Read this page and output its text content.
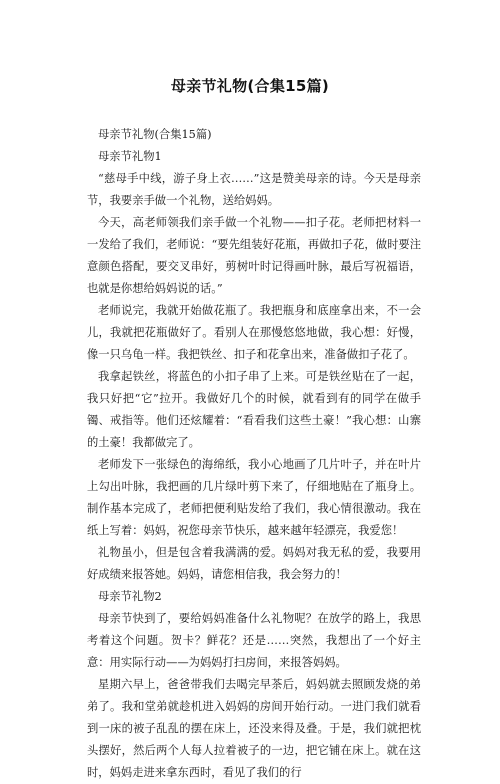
母亲节礼物(合集15篇)

母亲节礼物(合集15篇)

母亲节礼物1

“慈母手中线，游子身上衣……”这是赞美母亲的诗。今天是母亲节，我要亲手做一个礼物，送给妈妈。

今天，高老师领我们亲手做一个礼物——扣子花。老师把材料一一发给了我们，老师说：“要先组装好花瓶，再做扣子花，做时要注意颜色搭配，要交叉串好，剪树叶时记得画叶脉，最后写祝福语，也就是你想给妈妈说的话。”

老师说完，我就开始做花瓶了。我把瓶身和底座拿出来，不一会儿，我就把花瓶做好了。看别人在那慢悠悠地做，我心想：好慢，像一只乌龟一样。我把铁丝、扣子和花拿出来，准备做扣子花了。

我拿起铁丝，将蓝色的小扣子串了上来。可是铁丝贴在了一起，我只好把“它”拉开。我做好几个的时候，就看到有的同学在做手镯、戒指等。他们还炫耀着：“看看我们这些土豪！”我心想：山寨的土豪！我都做完了。

老师发下一张绿色的海绵纸，我小心地画了几片叶子，并在叶片上勾出叶脉，我把画的几片绿叶剪下来了，仔细地贴在了瓶身上。制作基本完成了，老师把便利贴发给了我们，我心情很激动。我在纸上写着：妈妈，祝您母亲节快乐，越来越年轻漂亮，我爱您！

礼物虽小，但是包含着我满满的爱。妈妈对我无私的爱，我要用好成绩来报答她。妈妈，请您相信我，我会努力的！

母亲节礼物2

母亲节快到了，要给妈妈准备什么礼物呢？在放学的路上，我思考着这个问题。贺卡？鲜花？还是……突然，我想出了一个好主意：用实际行动——为妈妈打扫房间，来报答妈妈。

星期六早上，爸爸带我们去喝完早茶后，妈妈就去照顾发烧的弟弟了。我和堂弟就趁机进入妈妈的房间开始行动。一进门我们就看到一床的被子乱乱的摆在床上，还没来得及叠。于是，我们就把枕头摆好，然后两个人每人拉着被子的一边，把它铺在床上。就在这时，妈妈走进来拿东西时，看见了我们的行
